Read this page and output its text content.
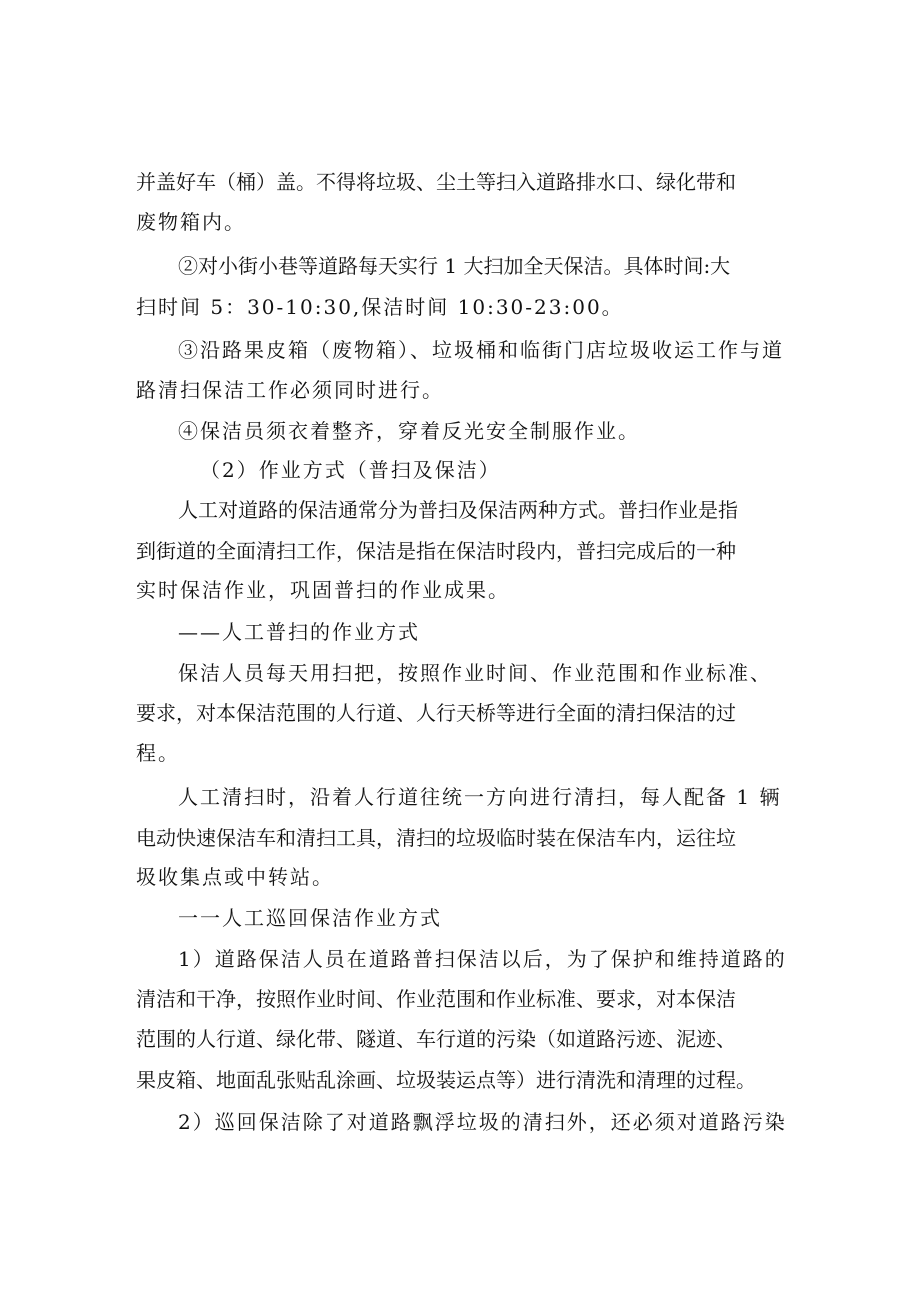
并盖好车（桶）盖。不得将垃圾、尘土等扫入道路排水口、绿化带和
废物箱内。
②对小街小巷等道路每天实行 1 大扫加全天保洁。具体时间:大
扫时间 5：30-10:30,保洁时间 10:30-23:00。
③沿路果皮箱（废物箱）、垃圾桶和临街门店垃圾收运工作与道
路清扫保洁工作必须同时进行。
④保洁员须衣着整齐，穿着反光安全制服作业。
（2）作业方式（普扫及保洁）
人工对道路的保洁通常分为普扫及保洁两种方式。普扫作业是指
到街道的全面清扫工作，保洁是指在保洁时段内，普扫完成后的一种
实时保洁作业，巩固普扫的作业成果。
——人工普扫的作业方式
保洁人员每天用扫把，按照作业时间、作业范围和作业标准、
要求，对本保洁范围的人行道、人行天桥等进行全面的清扫保洁的过
程。
人工清扫时，沿着人行道往统一方向进行清扫，每人配备 1 辆
电动快速保洁车和清扫工具，清扫的垃圾临时装在保洁车内，运往垃
圾收集点或中转站。
一一人工巡回保洁作业方式
1）道路保洁人员在道路普扫保洁以后，为了保护和维持道路的
清洁和干净，按照作业时间、作业范围和作业标准、要求，对本保洁
范围的人行道、绿化带、隧道、车行道的污染（如道路污迹、泥迹、
果皮箱、地面乱张贴乱涂画、垃圾装运点等）进行清洗和清理的过程。
2）巡回保洁除了对道路飘浮垃圾的清扫外，还必须对道路污染
